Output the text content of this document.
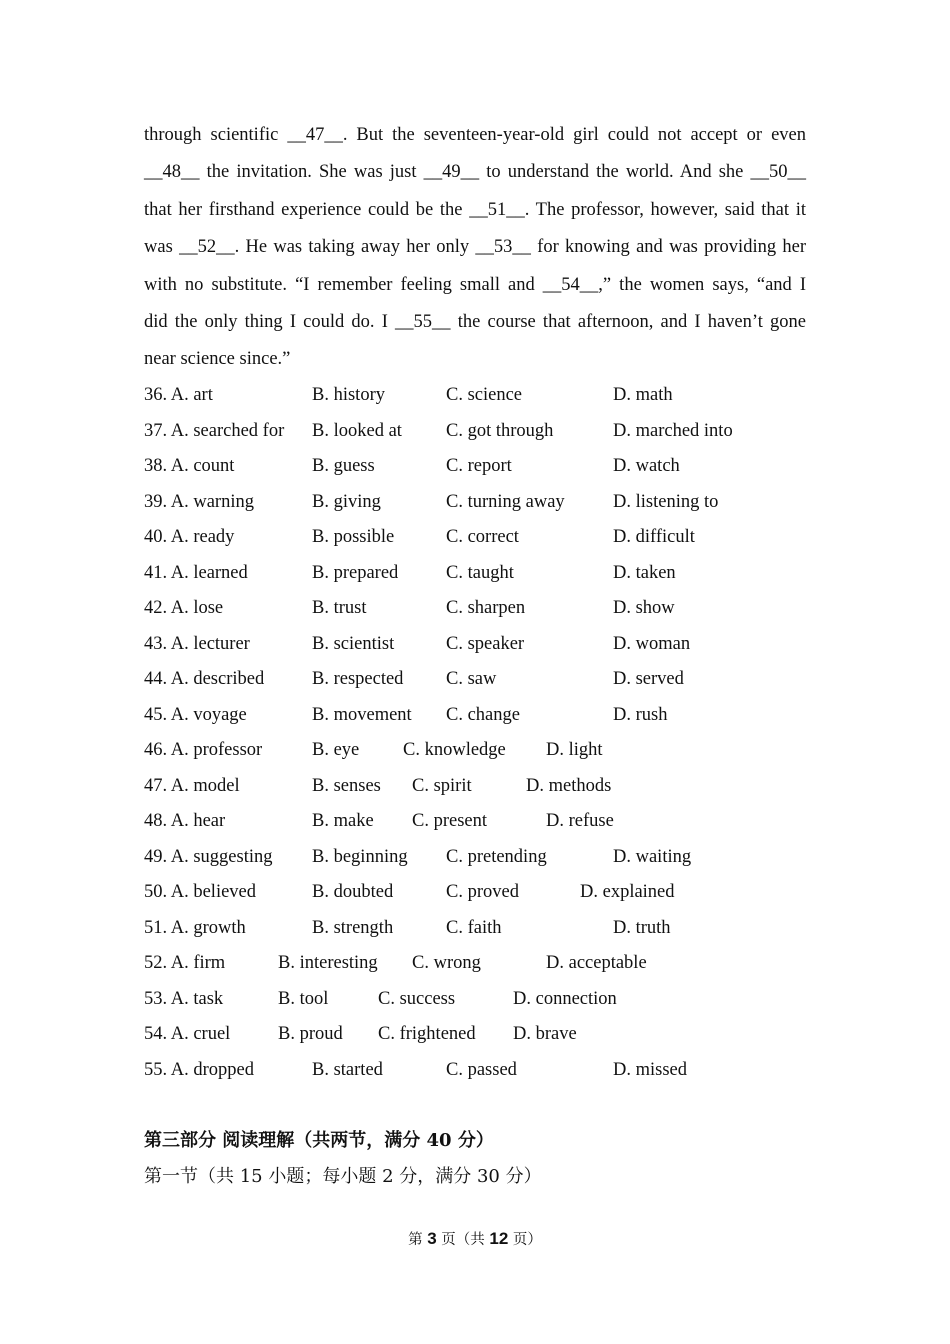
through scientific __47__. But the seventeen-year-old girl could not accept or even
__48__ the invitation. She was just __49__ to understand the world. And she __50__
that her firsthand experience could be the __51__. The professor, however, said that it
was __52__. He was taking away her only __53__ for knowing and was providing her
with no substitute. “I remember feeling small and __54__,” the women says, “and I
did the only thing I could do. I __55__ the course that afternoon, and I haven’t gone
near science since.”
36. A. art	B. history	C. science	D. math
37. A. searched for B. looked at C. got through	D. marched into
38. A. count	B. guess	C. report	D. watch
39. A. warning	B. giving	C. turning away	D. listening to
40. A. ready	B. possible	C. correct	D. difficult
41. A. learned	B. prepared	C. taught	D. taken
42. A. lose	B. trust	C. sharpen	D. show
43. A. lecturer	B. scientist	C. speaker	D. woman
44. A. described	B. respected C. saw	D. served
45. A. voyage	B. movement C. change	D. rush
46. A. professor	B. eye C. knowledge D. light
47. A. model	B. senses C. spirit	D. methods
48. A. hear	B. make C. present	D. refuse
49. A. suggesting B. beginning C. pretending	D. waiting
50. A. believed	B. doubted	C. proved	D. explained
51. A. growth	B. strength	C. faith	D. truth
52. A. firm	B. interesting C. wrong	D. acceptable
53. A. task	B. tool	C. success	D. connection
54. A. cruel	B. proud C. frightened D. brave
55. A. dropped	B. started	C. passed	D. missed
第三部分 阅读理解（共两节，满分 40 分）
第一节（共 15 小题；每小题 2 分，满分 30 分）
第 3 页（共 12 页）
